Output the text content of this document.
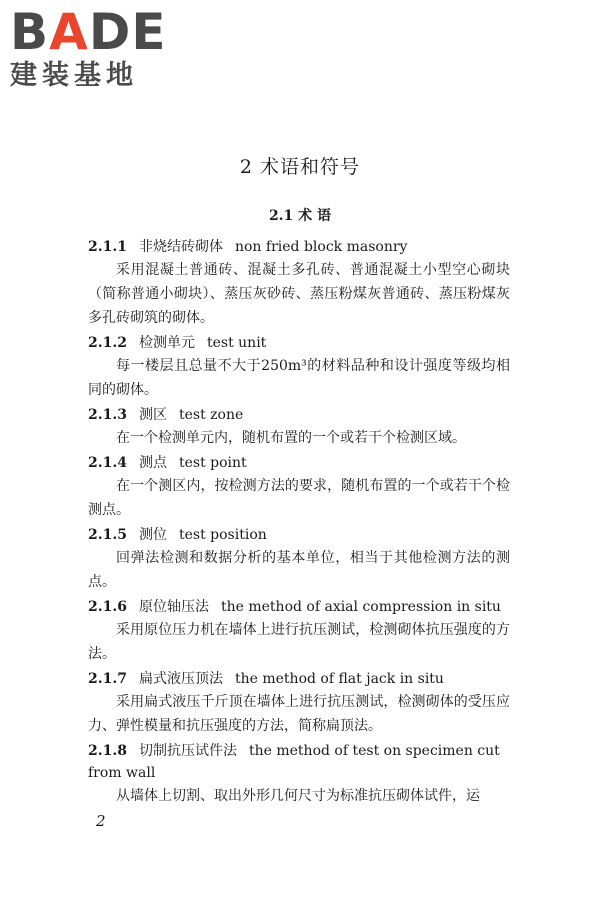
BADE
建装基地
2 术语和符号
2.1 术 语

2.1.1 非烧结砖砌体 non fried block masonry

采用混凝土普通砖、混凝土多孔砖、普通混凝土小型空心砌块（简称普通小砌块）、蒸压灰砂砖、蒸压粉煤灰普通砖、蒸压粉煤灰多孔砖砌筑的砌体。

2.1.2 检测单元 test unit

每一楼层且总量不大于250m³的材料品种和设计强度等级均相同的砌体。

2.1.3 测区 test zone

在一个检测单元内，随机布置的一个或若干个检测区域。

2.1.4 测点 test point

在一个测区内，按检测方法的要求，随机布置的一个或若干个检测点。

2.1.5 测位 test position

回弹法检测和数据分析的基本单位，相当于其他检测方法的测点。

2.1.6 原位轴压法 the method of axial compression in situ

采用原位压力机在墙体上进行抗压测试，检测砌体抗压强度的方法。

2.1.7 扁式液压顶法 the method of flat jack in situ

采用扁式液压千斤顶在墙体上进行抗压测试，检测砌体的受压应力、弹性模量和抗压强度的方法，简称扁顶法。

2.1.8 切制抗压试件法 the method of test on specimen cut from wall

从墙体上切割、取出外形几何尺寸为标准抗压砌体试件，运

2
